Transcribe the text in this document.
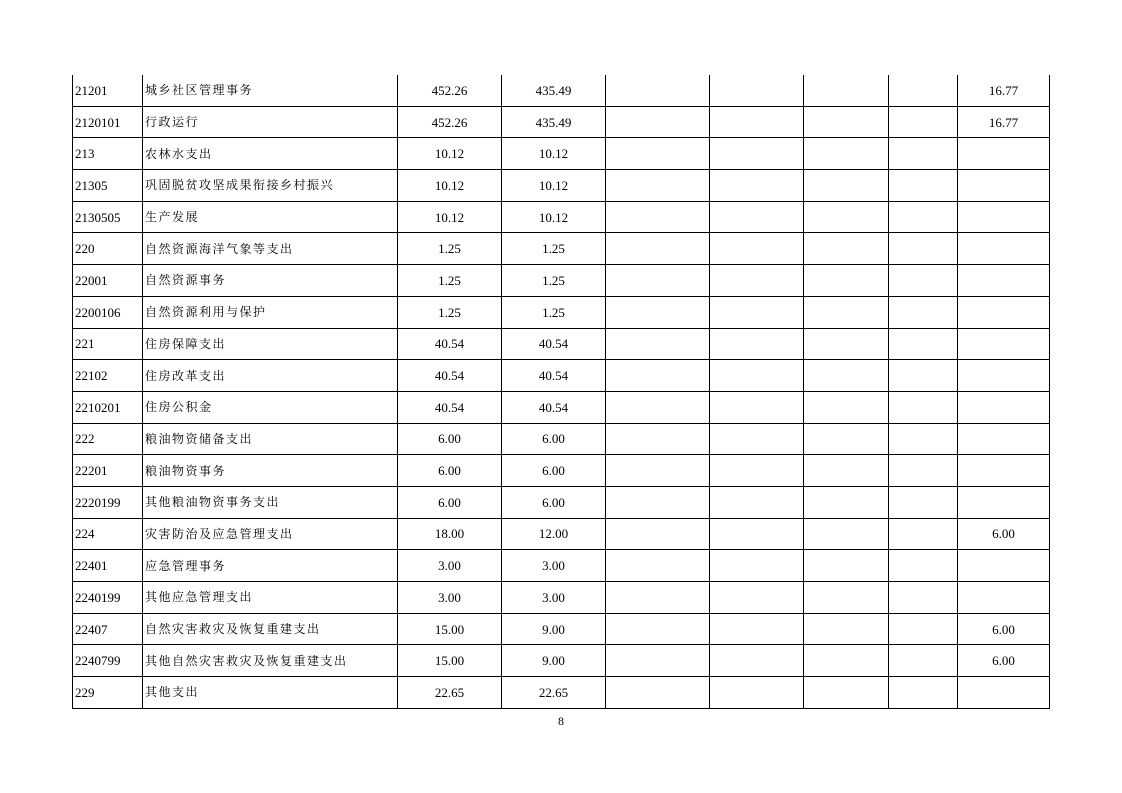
21201	城乡社区管理事务	452.26	435.49					16.77
2120101	行政运行	452.26	435.49					16.77
213	农林水支出	10.12	10.12					
21305	巩固脱贫攻坚成果衔接乡村振兴	10.12	10.12					
2130505	生产发展	10.12	10.12					
220	自然资源海洋气象等支出	1.25	1.25					
22001	自然资源事务	1.25	1.25					
2200106	自然资源利用与保护	1.25	1.25					
221	住房保障支出	40.54	40.54					
22102	住房改革支出	40.54	40.54					
2210201	住房公积金	40.54	40.54					
222	粮油物资储备支出	6.00	6.00					
22201	粮油物资事务	6.00	6.00					
2220199	其他粮油物资事务支出	6.00	6.00					
224	灾害防治及应急管理支出	18.00	12.00					6.00
22401	应急管理事务	3.00	3.00					
2240199	其他应急管理支出	3.00	3.00					
22407	自然灾害救灾及恢复重建支出	15.00	9.00					6.00
2240799	其他自然灾害救灾及恢复重建支出	15.00	9.00					6.00
229	其他支出	22.65	22.65					
8
